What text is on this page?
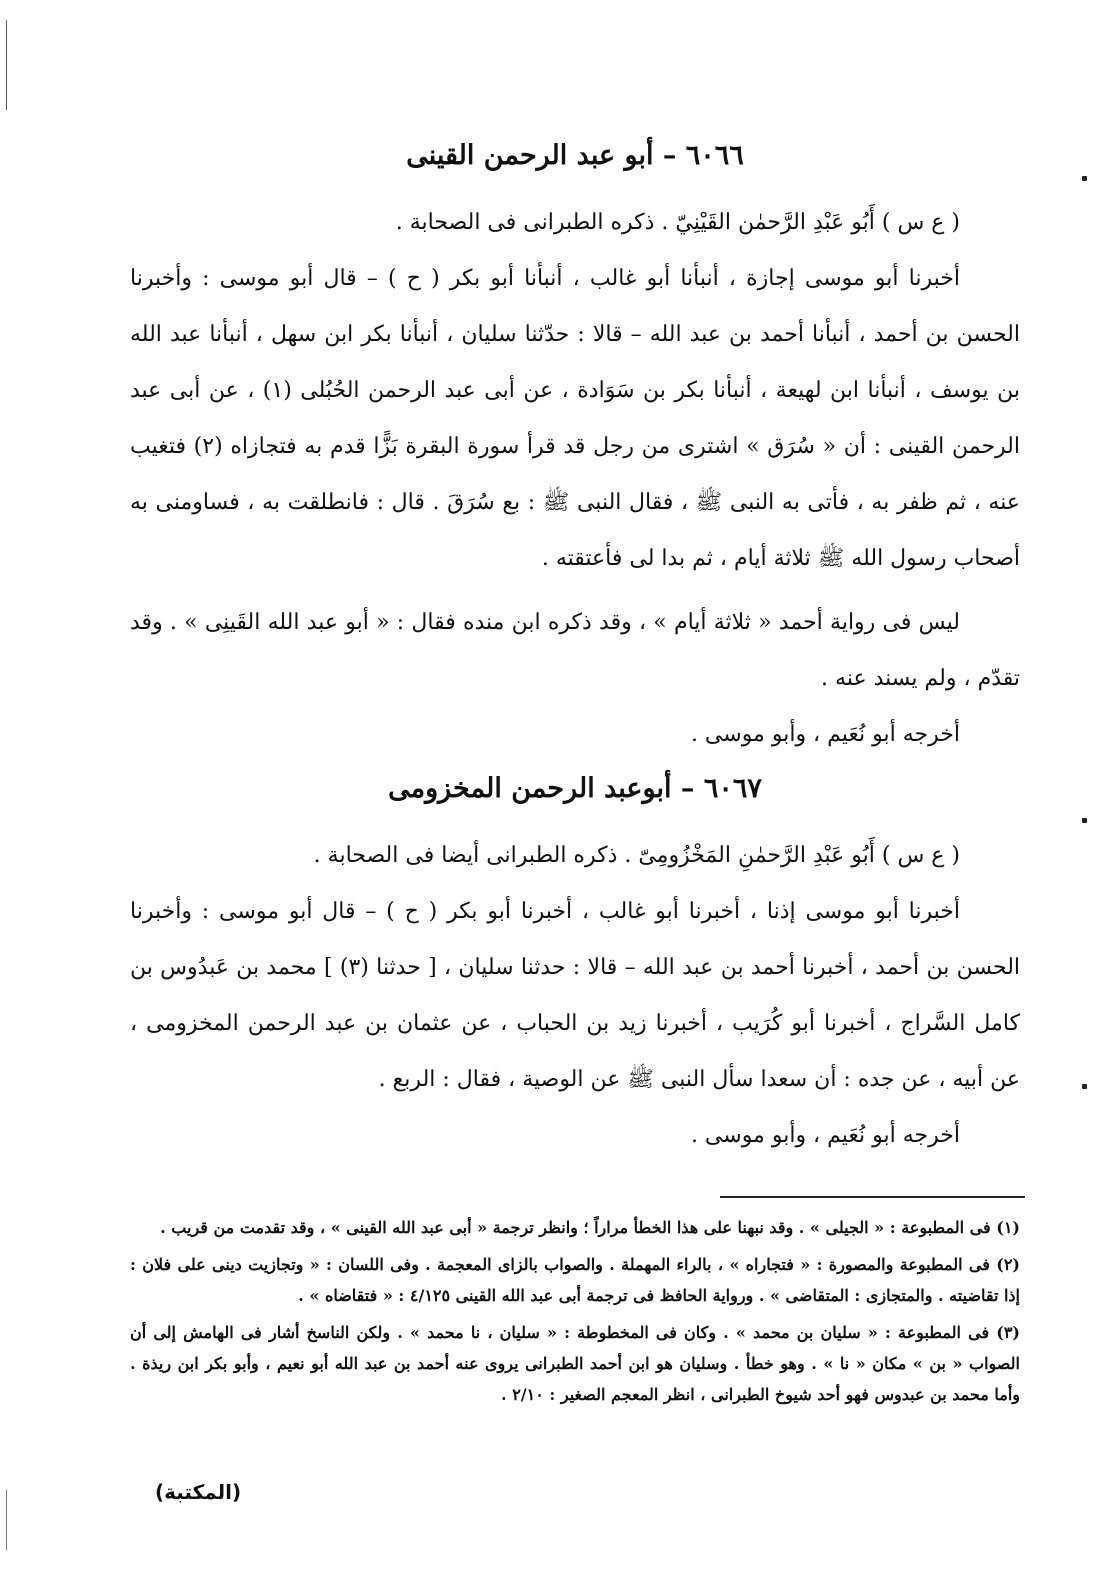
٦٠٦٦ – أبو عبد الرحمن القينى

( ع س ) أَبُو عَبْدِ الرَّحمٰن القَيْنِيّ . ذكره الطبرانى فى الصحابة .

أخبرنا أبو موسى إجازة ، أنبأنا أبو غالب ، أنبأنا أبو بكر ( ح ) – قال أبو موسى : وأخبرنا الحسن بن أحمد ، أنبأنا أحمد بن عبد الله – قالا : حدّثنا سليان ، أنبأنا بكر ابن سهل ، أنبأنا عبد الله بن يوسف ، أنبأنا ابن لهيعة ، أنبأنا بكر بن سَوَادة ، عن أبى عبد الرحمن الحُبُلى (١) ، عن أبى عبد الرحمن القينى : أن « سُرَق » اشترى من رجل قد قرأ سورة البقرة بَزًّا قدم به فتجازاه (٢) فتغيب عنه ، ثم ظفر به ، فأتى به النبى ﷺ ، فقال النبى ﷺ : بع سُرَقَ . قال : فانطلقت به ، فساومنى به أصحاب رسول الله ﷺ ثلاثة أيام ، ثم بدا لى فأعتقته .

ليس فى رواية أحمد « ثلاثة أيام » ، وقد ذكره ابن منده فقال : « أبو عبد الله القَينِى » . وقد تقدّم ، ولم يسند عنه .

أخرجه أبو نُعَيم ، وأبو موسى .

٦٠٦٧ – أبوعبد الرحمن المخزومى

( ع س ) أَبُو عَبْدِ الرَّحمٰنِ المَخْزُومِىّ . ذكره الطبرانى أيضا فى الصحابة .

أخبرنا أبو موسى إذنا ، أخبرنا أبو غالب ، أخبرنا أبو بكر ( ح ) – قال أبو موسى : وأخبرنا الحسن بن أحمد ، أخبرنا أحمد بن عبد الله – قالا : حدثنا سليان ، [ حدثنا (٣) ] محمد بن عَبدُوس بن كامل السَّراج ، أخبرنا أبو كُرَيب ، أخبرنا زيد بن الحباب ، عن عثمان بن عبد الرحمن المخزومى ، عن أبيه ، عن جده : أن سعدا سأل النبى ﷺ عن الوصية ، فقال : الربع .

أخرجه أبو نُعَيم ، وأبو موسى .

(١) فى المطبوعة : « الجيلى » . وقد نبهنا على هذا الخطأ مراراً ؛ وانظر ترجمة « أبى عبد الله القينى » ، وقد تقدمت من قريب .

(٢) فى المطبوعة والمصورة : « فتجاراه » ، بالراء المهملة . والصواب بالزاى المعجمة . وفى اللسان : « وتجازيت دينى على فلان : إذا تقاضيته . والمتجازى : المتقاضى » . ورواية الحافظ فى ترجمة أبى عبد الله القينى ٤/١٢٥ : « فتقاضاه » .

(٣) فى المطبوعة : « سليان بن محمد » . وكان فى المخطوطة : « سليان ، نا محمد » . ولكن الناسخ أشار فى الهامش إلى أن الصواب « بن » مكان « نا » . وهو خطأ . وسليان هو ابن أحمد الطبرانى يروى عنه أحمد بن عبد الله أبو نعيم ، وأبو بكر ابن ريذة . وأما محمد بن عبدوس فهو أحد شيوخ الطبرانى ، انظر المعجم الصغير : ٢/١٠ .

(المكتبة)
